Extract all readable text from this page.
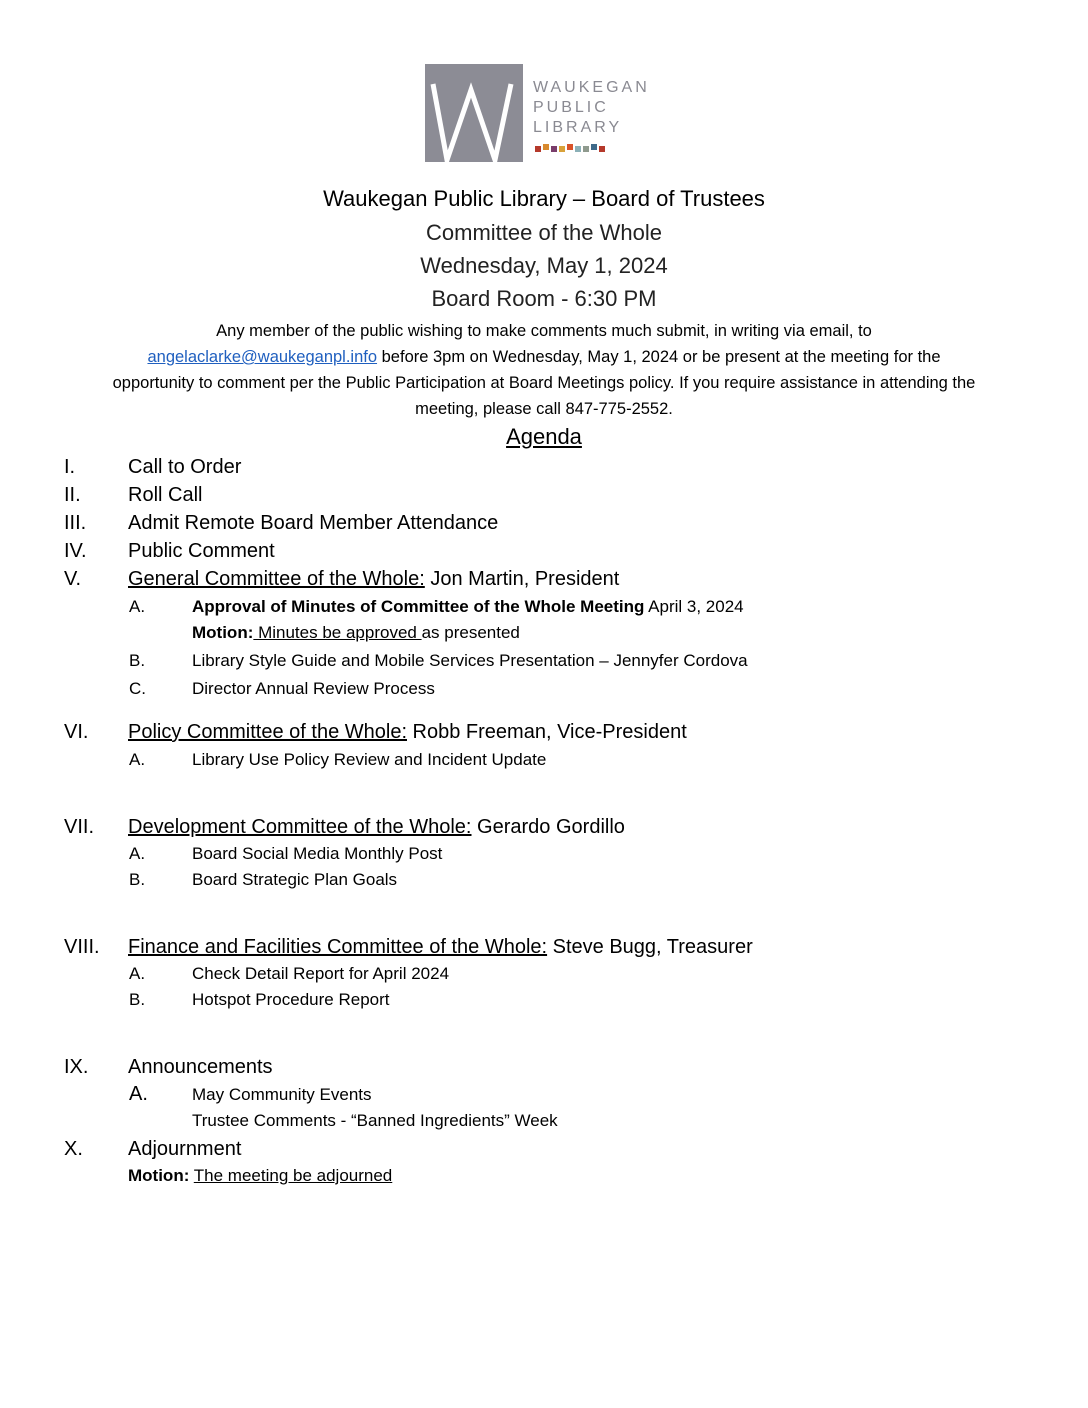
WAUKEGAN
PUBLIC
LIBRARY
Waukegan Public Library – Board of Trustees
Committee of the Whole
Wednesday, May 1, 2024
Board Room - 6:30 PM
Any member of the public wishing to make comments much submit, in writing via email, to
angelaclarke@waukeganpl.info before 3pm on Wednesday, May 1, 2024 or be present at the meeting for the
opportunity to comment per the Public Participation at Board Meetings policy. If you require assistance in attending the
meeting, please call 847-775-2552.
Agenda
I.	Call to Order
II. Roll Call
III. Admit Remote Board Member Attendance
IV. Public Comment
V. General Committee of the Whole: Jon Martin, President
A.	Approval of Minutes of Committee of the Whole Meeting April 3, 2024
Motion: Minutes be approved as presented
B.	Library Style Guide and Mobile Services Presentation – Jennyfer Cordova
C.	Director Annual Review Process
VI. Policy Committee of the Whole: Robb Freeman, Vice-President
A.	Library Use Policy Review and Incident Update
VII. Development Committee of the Whole: Gerardo Gordillo
A.	Board Social Media Monthly Post
B.	Board Strategic Plan Goals
VIII. Finance and Facilities Committee of the Whole: Steve Bugg, Treasurer
A.	Check Detail Report for April 2024
B.	Hotspot Procedure Report
IX. Announcements
A.	May Community Events
Trustee Comments - “Banned Ingredients” Week
X. Adjournment
Motion: The meeting be adjourned
